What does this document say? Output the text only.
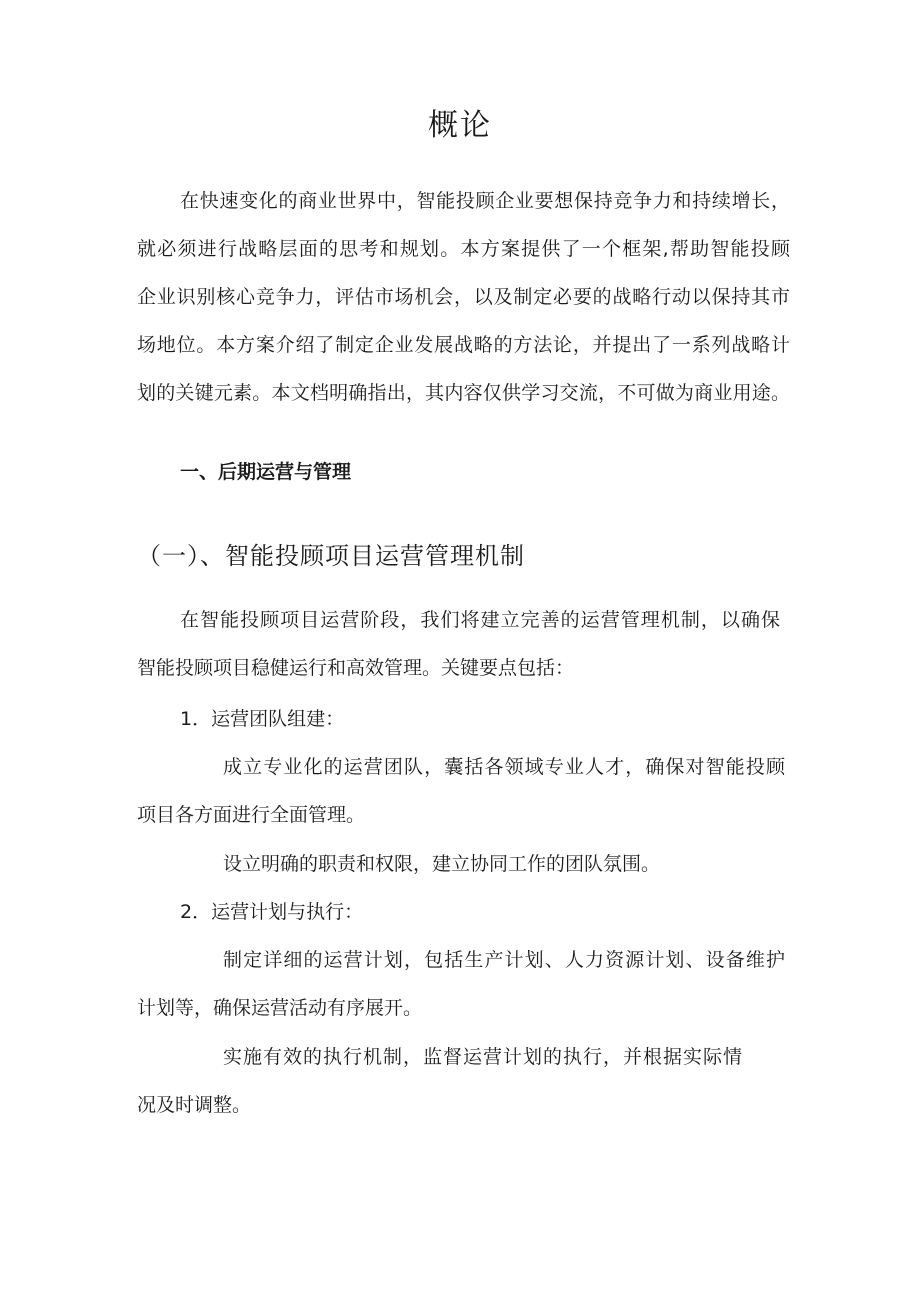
概论
在快速变化的商业世界中，智能投顾企业要想保持竞争力和持续增长，
就必须进行战略层面的思考和规划。本方案提供了一个框架,帮助智能投顾
企业识别核心竞争力，评估市场机会，以及制定必要的战略行动以保持其市
场地位。本方案介绍了制定企业发展战略的方法论，并提出了一系列战略计
划的关键元素。本文档明确指出，其内容仅供学习交流，不可做为商业用途。
一、后期运营与管理
（一）、智能投顾项目运营管理机制
在智能投顾项目运营阶段，我们将建立完善的运营管理机制，以确保
智能投顾项目稳健运行和高效管理。关键要点包括：
1．运营团队组建：
成立专业化的运营团队，囊括各领域专业人才，确保对智能投顾
项目各方面进行全面管理。
设立明确的职责和权限，建立协同工作的团队氛围。
2．运营计划与执行：
制定详细的运营计划，包括生产计划、人力资源计划、设备维护
计划等，确保运营活动有序展开。
实施有效的执行机制，监督运营计划的执行，并根据实际情
况及时调整。
